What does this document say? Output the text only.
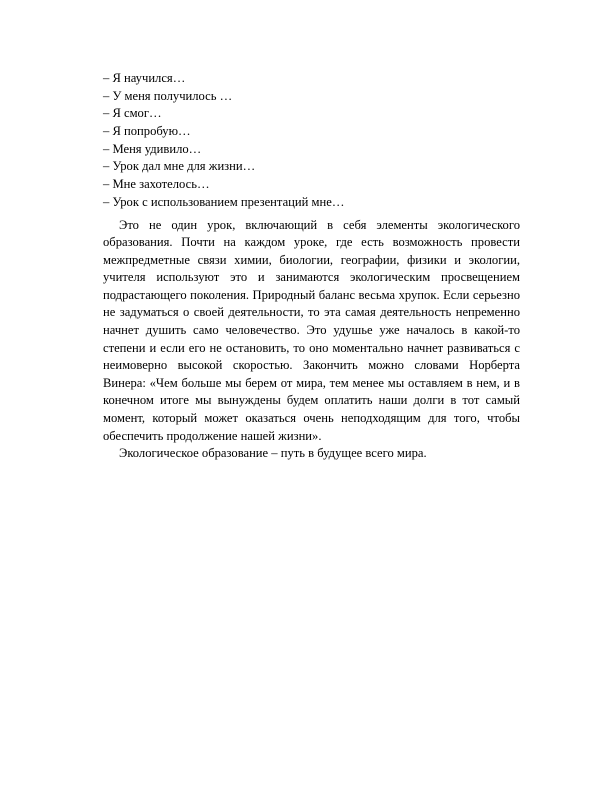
– Я научился…
– У меня получилось …
– Я смог…
– Я попробую…
– Меня удивило…
– Урок дал мне для жизни…
– Мне захотелось…
– Урок с использованием презентаций мне…

Это не один урок, включающий в себя элементы экологического образования. Почти на каждом уроке, где есть возможность провести межпредметные связи химии, биологии, географии, физики и экологии, учителя используют это и занимаются экологическим просвещением подрастающего поколения. Природный баланс весьма хрупок. Если серьезно не задуматься о своей деятельности, то эта самая деятельность непременно начнет душить само человечество. Это удушье уже началось в какой-то степени и если его не остановить, то оно моментально начнет развиваться с неимоверно высокой скоростью. Закончить можно словами Норберта Винера: «Чем больше мы берем от мира, тем менее мы оставляем в нем, и в конечном итоге мы вынуждены будем оплатить наши долги в тот самый момент, который может оказаться очень неподходящим для того, чтобы обеспечить продолжение нашей жизни».

Экологическое образование – путь в будущее всего мира.
